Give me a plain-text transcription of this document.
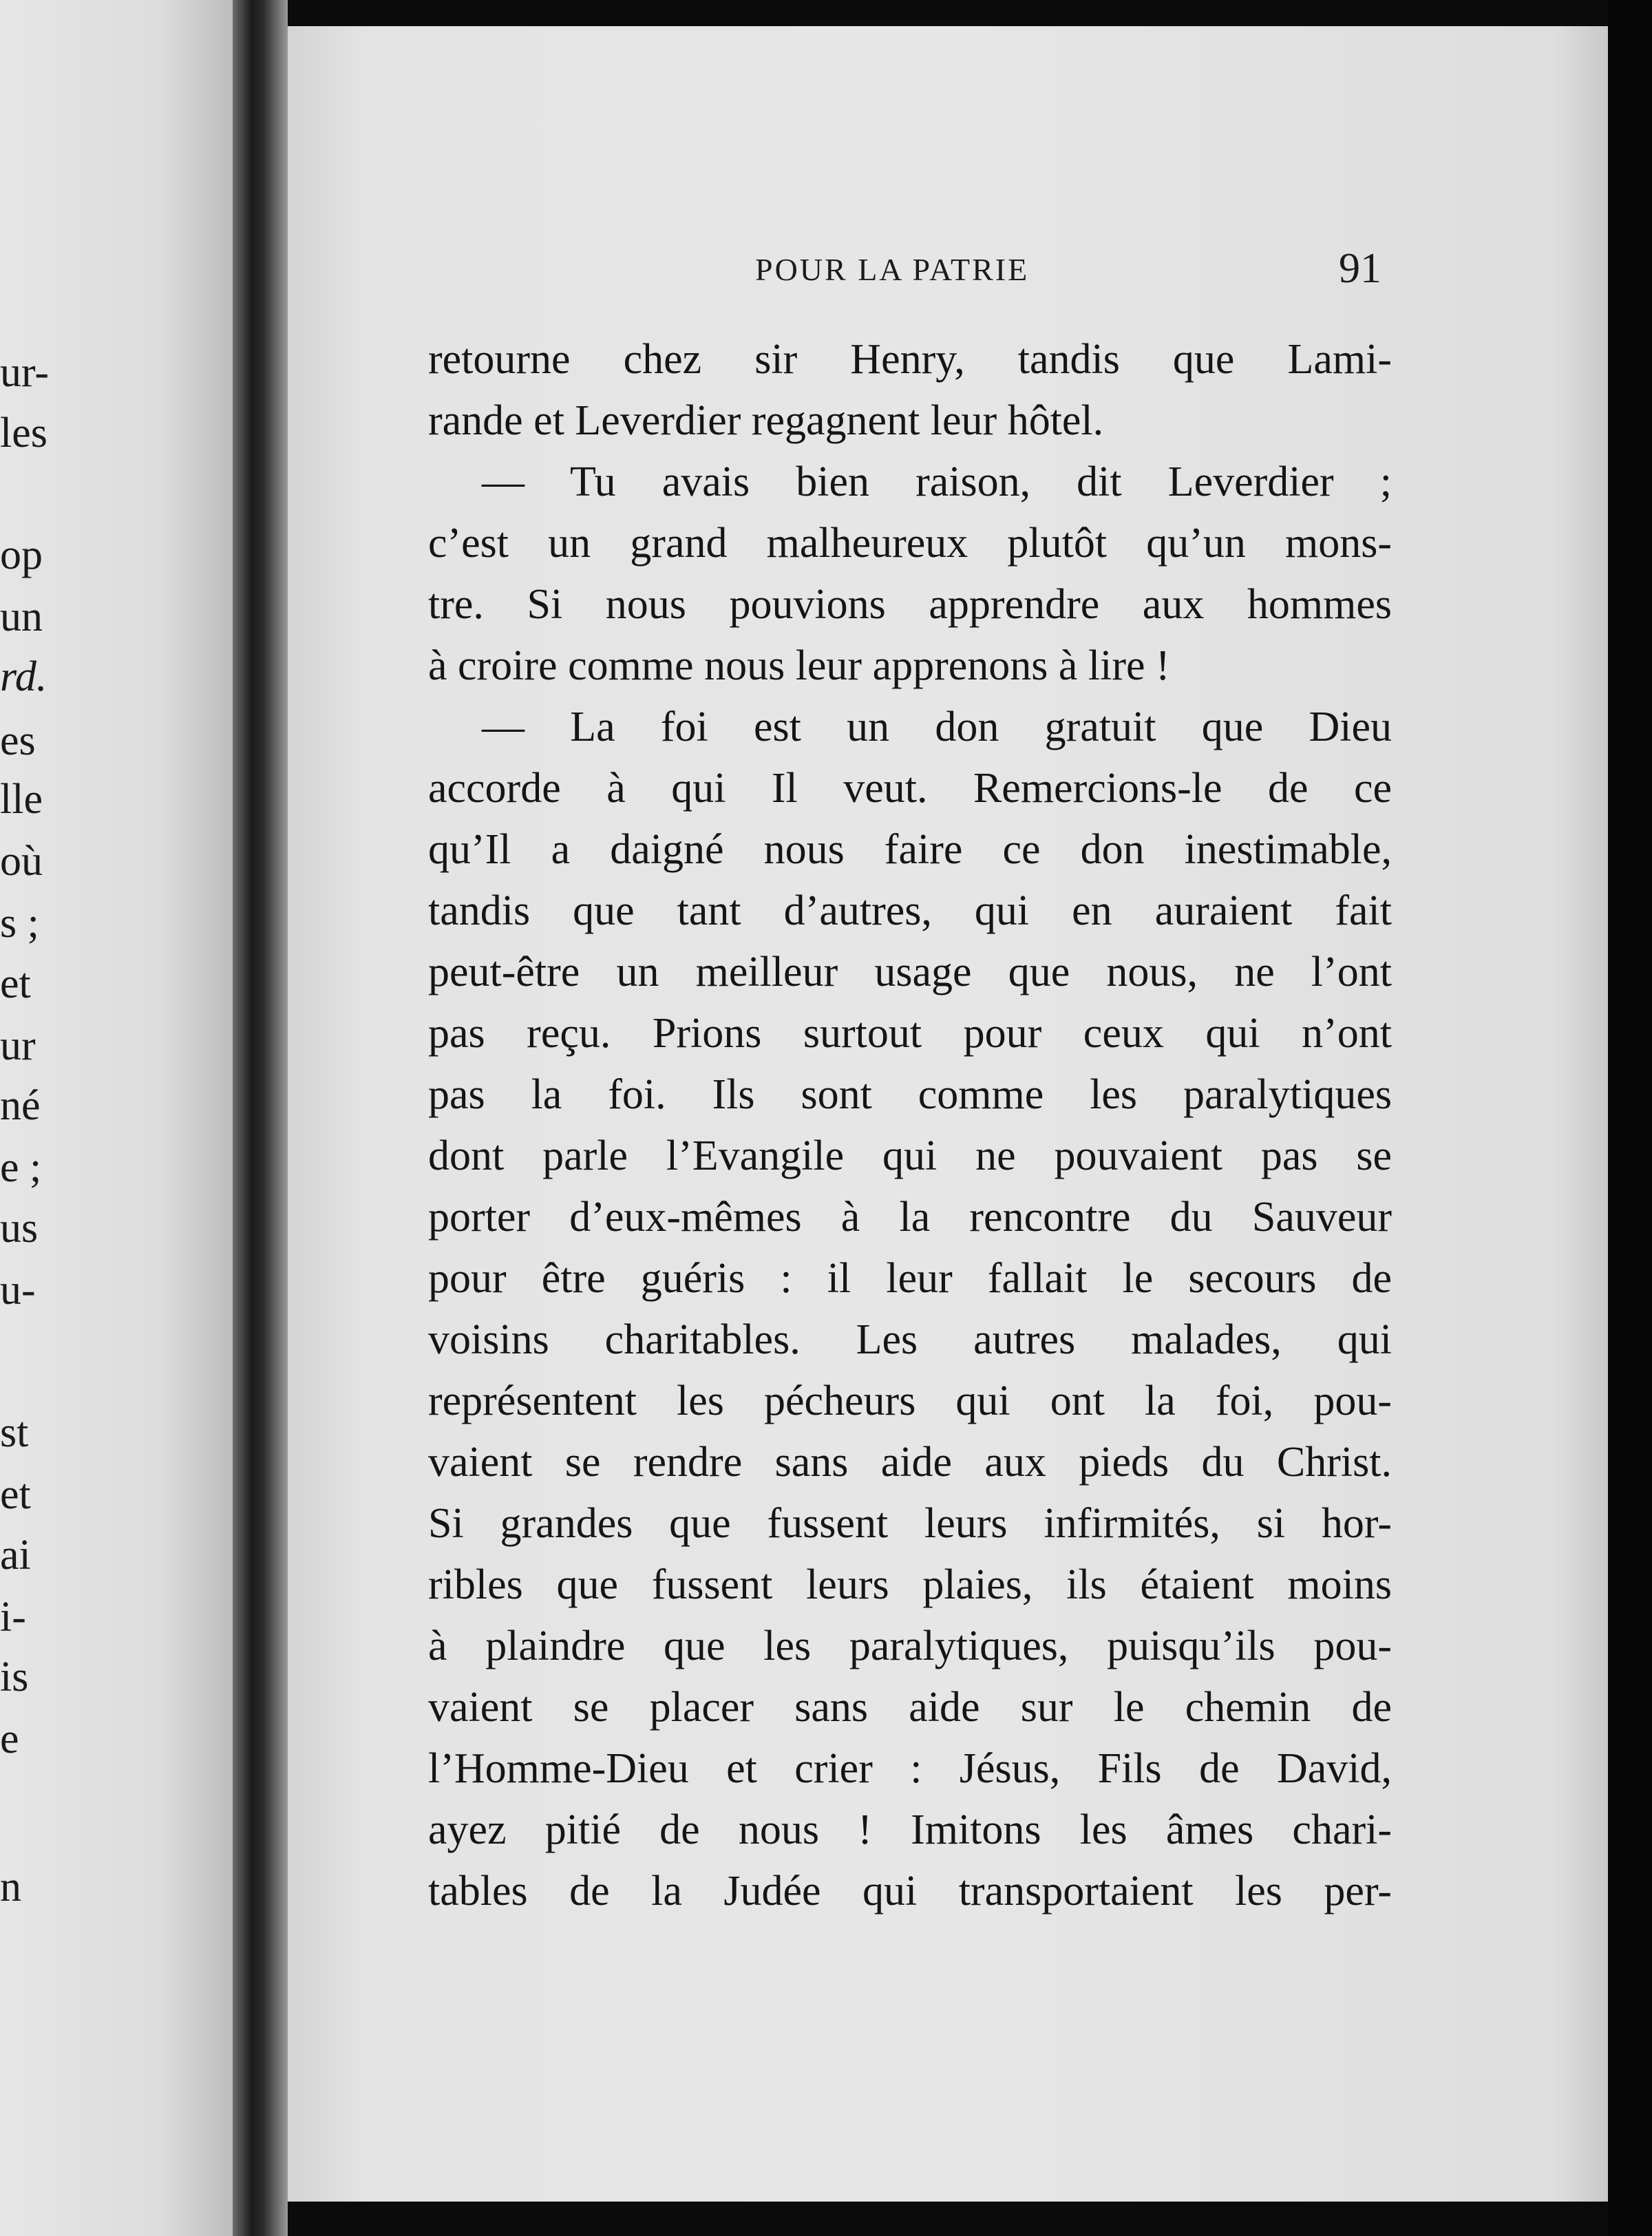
ur-
les
op
un
rd.
es
lle
où
s ;
et
ur
né
e ;
us
u-
st
et
ai
i-
is
e
n
POUR LA PATRIE	91
retourne chez sir Henry, tandis que Lami-
rande et Leverdier regagnent leur hôtel.
— Tu avais bien raison, dit Leverdier ;
c’est un grand malheureux plutôt qu’un mons-
tre. Si nous pouvions apprendre aux hommes
à croire comme nous leur apprenons à lire !
— La foi est un don gratuit que Dieu
accorde à qui Il veut. Remercions-le de ce
qu’Il a daigné nous faire ce don inestimable,
tandis que tant d’autres, qui en auraient fait
peut-être un meilleur usage que nous, ne l’ont
pas reçu. Prions surtout pour ceux qui n’ont
pas la foi. Ils sont comme les paralytiques
dont parle l’Evangile qui ne pouvaient pas se
porter d’eux-mêmes à la rencontre du Sauveur
pour être guéris : il leur fallait le secours de
voisins charitables. Les autres malades, qui
représentent les pécheurs qui ont la foi, pou-
vaient se rendre sans aide aux pieds du Christ.
Si grandes que fussent leurs infirmités, si hor-
ribles que fussent leurs plaies, ils étaient moins
à plaindre que les paralytiques, puisqu’ils pou-
vaient se placer sans aide sur le chemin de
l’Homme-Dieu et crier : Jésus, Fils de David,
ayez pitié de nous ! Imitons les âmes chari-
tables de la Judée qui transportaient les per-
